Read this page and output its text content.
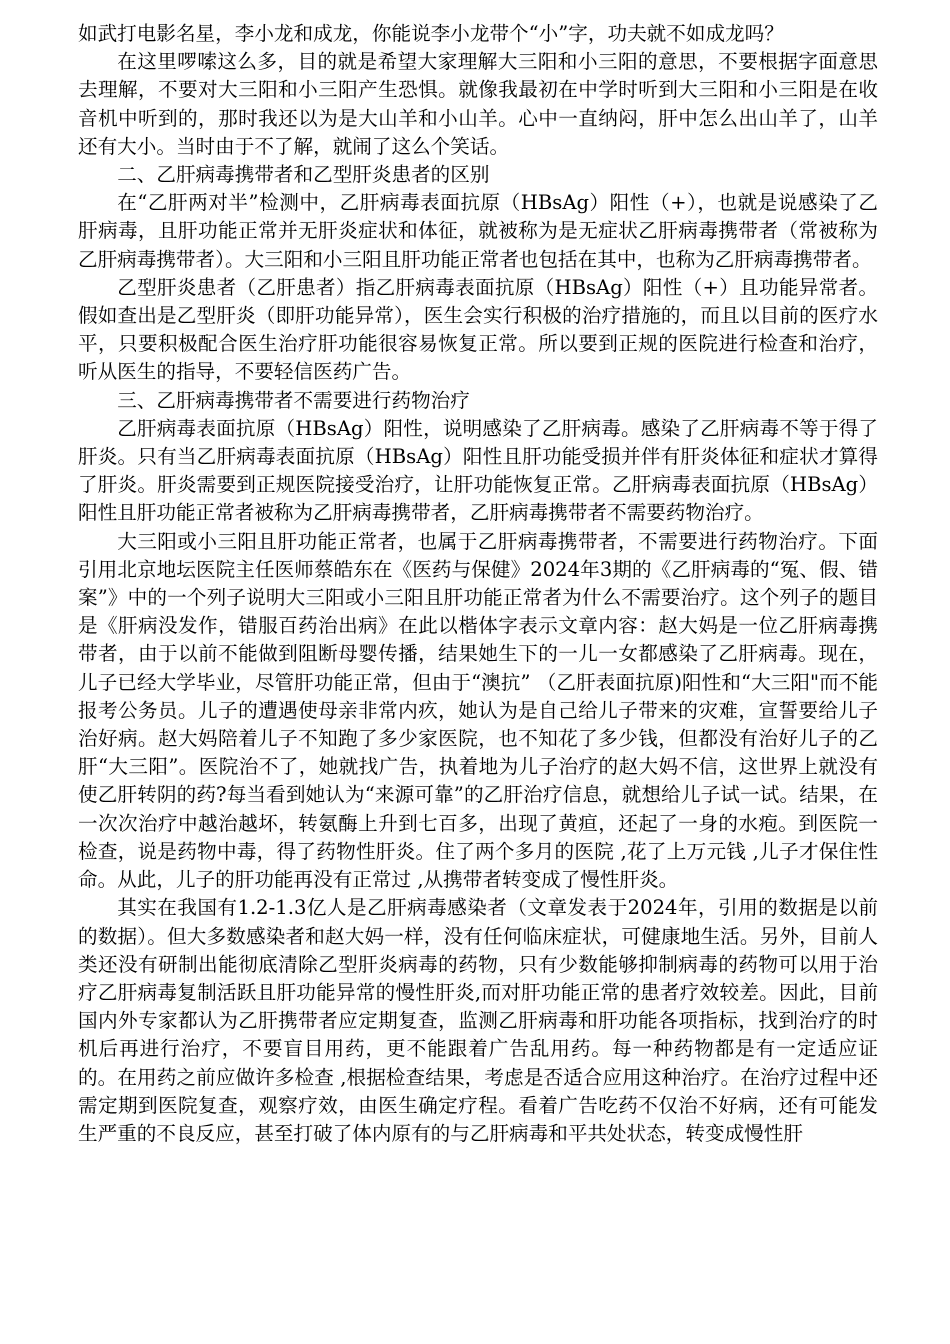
如武打电影名星，李小龙和成龙，你能说李小龙带个“小”字，功夫就不如成龙吗？

在这里啰嗦这么多，目的就是希望大家理解大三阳和小三阳的意思，不要根据字面意思去理解，不要对大三阳和小三阳产生恐惧。就像我最初在中学时听到大三阳和小三阳是在收音机中听到的，那时我还以为是大山羊和小山羊。心中一直纳闷，肝中怎么出山羊了，山羊还有大小。当时由于不了解，就闹了这么个笑话。

二、乙肝病毒携带者和乙型肝炎患者的区别

在“乙肝两对半”检测中，乙肝病毒表面抗原（HBsAg）阳性（+），也就是说感染了乙肝病毒，且肝功能正常并无肝炎症状和体征，就被称为是无症状乙肝病毒携带者（常被称为乙肝病毒携带者）。大三阳和小三阳且肝功能正常者也包括在其中，也称为乙肝病毒携带者。

乙型肝炎患者（乙肝患者）指乙肝病毒表面抗原（HBsAg）阳性（+）且功能异常者。假如查出是乙型肝炎（即肝功能异常），医生会实行积极的治疗措施的，而且以目前的医疗水平，只要积极配合医生治疗肝功能很容易恢复正常。所以要到正规的医院进行检查和治疗，听从医生的指导，不要轻信医药广告。

三、乙肝病毒携带者不需要进行药物治疗

乙肝病毒表面抗原（HBsAg）阳性，说明感染了乙肝病毒。感染了乙肝病毒不等于得了肝炎。只有当乙肝病毒表面抗原（HBsAg）阳性且肝功能受损并伴有肝炎体征和症状才算得了肝炎。肝炎需要到正规医院接受治疗，让肝功能恢复正常。乙肝病毒表面抗原（HBsAg）阳性且肝功能正常者被称为乙肝病毒携带者，乙肝病毒携带者不需要药物治疗。

大三阳或小三阳且肝功能正常者，也属于乙肝病毒携带者，不需要进行药物治疗。下面引用北京地坛医院主任医师蔡皓东在《医药与保健》2024年3期的《乙肝病毒的“冤、假、错案”》中的一个列子说明大三阳或小三阳且肝功能正常者为什么不需要治疗。这个列子的题目是《肝病没发作，错服百药治出病》在此以楷体字表示文章内容：赵大妈是一位乙肝病毒携带者，由于以前不能做到阻断母婴传播，结果她生下的一儿一女都感染了乙肝病毒。现在，儿子已经大学毕业，尽管肝功能正常，但由于“澳抗” （乙肝表面抗原)阳性和“大三阳"而不能报考公务员。儿子的遭遇使母亲非常内疚，她认为是自己给儿子带来的灾难，宣誓要给儿子治好病。赵大妈陪着儿子不知跑了多少家医院，也不知花了多少钱，但都没有治好儿子的乙肝“大三阳”。医院治不了，她就找广告，执着地为儿子治疗的赵大妈不信，这世界上就没有使乙肝转阴的药?每当看到她认为“来源可靠”的乙肝治疗信息，就想给儿子试一试。结果，在一次次治疗中越治越坏，转氨酶上升到七百多，出现了黄疸，还起了一身的水疱。到医院一检查，说是药物中毒，得了药物性肝炎。住了两个多月的医院 ,花了上万元钱 ,儿子才保住性命。从此，儿子的肝功能再没有正常过 ,从携带者转变成了慢性肝炎。

其实在我国有1.2-1.3亿人是乙肝病毒感染者（文章发表于2024年，引用的数据是以前的数据）。但大多数感染者和赵大妈一样，没有任何临床症状，可健康地生活。另外，目前人类还没有研制出能彻底清除乙型肝炎病毒的药物，只有少数能够抑制病毒的药物可以用于治疗乙肝病毒复制活跃且肝功能异常的慢性肝炎,而对肝功能正常的患者疗效较差。因此，目前国内外专家都认为乙肝携带者应定期复查，监测乙肝病毒和肝功能各项指标，找到治疗的时机后再进行治疗，不要盲目用药，更不能跟着广告乱用药。每一种药物都是有一定适应证的。在用药之前应做许多检查 ,根据检查结果，考虑是否适合应用这种治疗。在治疗过程中还需定期到医院复查，观察疗效，由医生确定疗程。看着广告吃药不仅治不好病，还有可能发生严重的不良反应，甚至打破了体内原有的与乙肝病毒和平共处状态，转变成慢性肝
